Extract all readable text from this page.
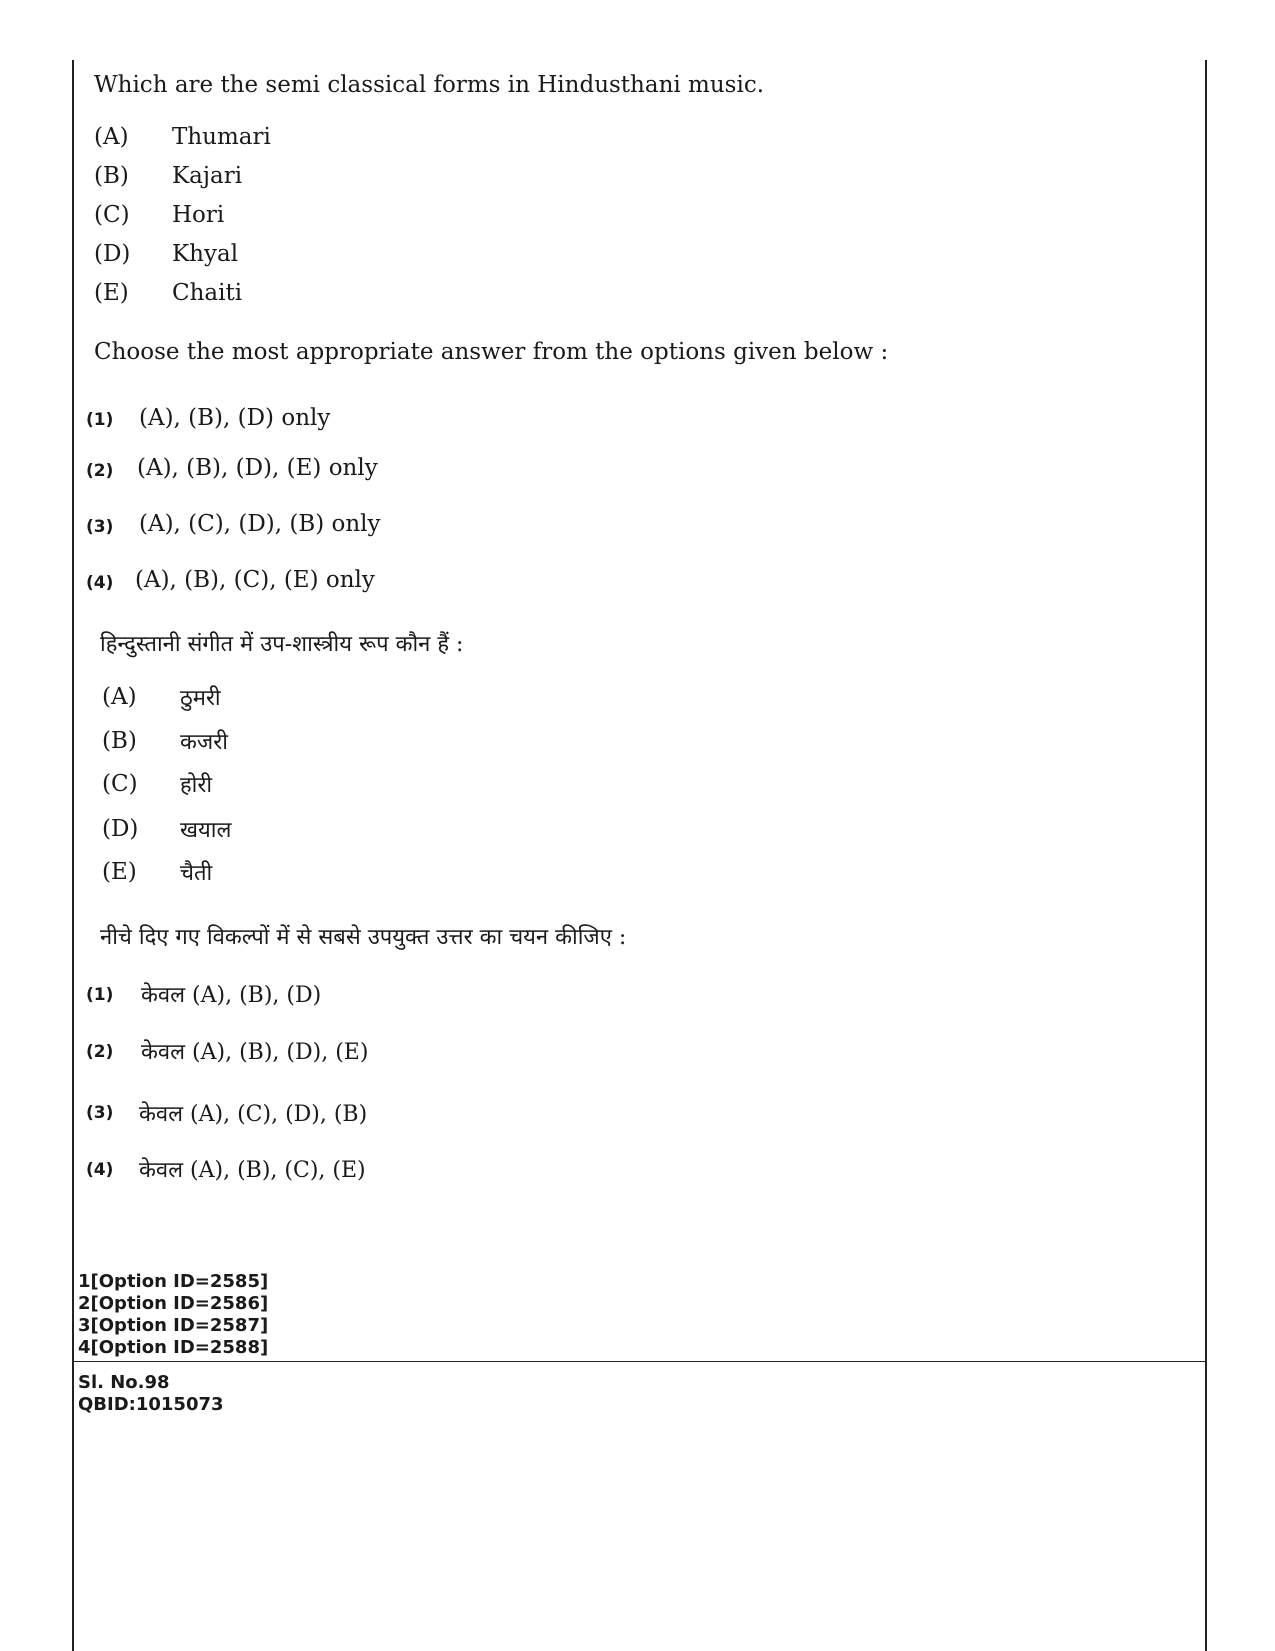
Which are the semi classical forms in Hindusthani music.
(A) Thumari
(B) Kajari
(C) Hori
(D) Khyal
(E) Chaiti
Choose the most appropriate answer from the options given below :
(1) (A), (B), (D) only
(2) (A), (B), (D), (E) only
(3) (A), (C), (D), (B) only
(4) (A), (B), (C), (E) only
हिन्दुस्तानी संगीत में उप-शास्त्रीय रूप कौन हैं :
(A) ठुमरी
(B) कजरी
(C) होरी
(D) खयाल
(E) चैती
नीचे दिए गए विकल्पों में से सबसे उपयुक्त उत्तर का चयन कीजिए :
(1) केवल (A), (B), (D)
(2) केवल (A), (B), (D), (E)
(3) केवल (A), (C), (D), (B)
(4) केवल (A), (B), (C), (E)
1[Option ID=2585]
2[Option ID=2586]
3[Option ID=2587]
4[Option ID=2588]
Sl. No.98
QBID:1015073
